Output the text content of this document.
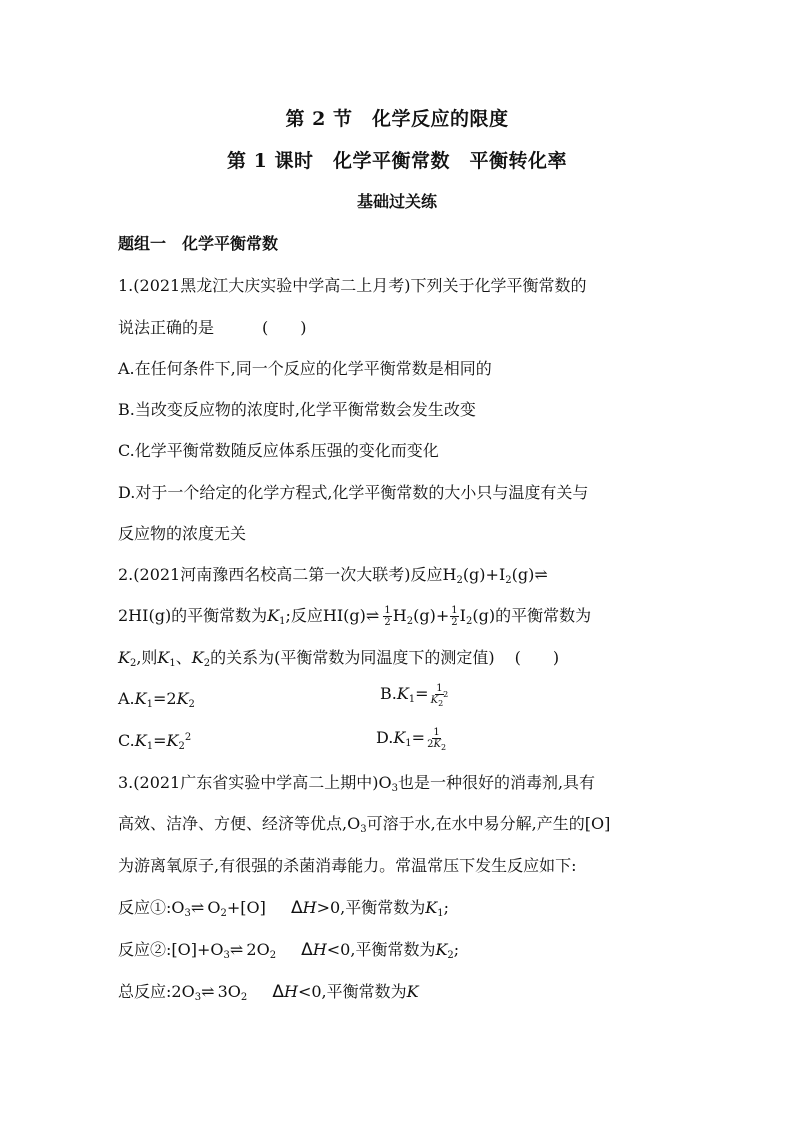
第 2 节　化学反应的限度
第 1 课时　化学平衡常数　平衡转化率
基础过关练
题组一　化学平衡常数
1.(2021黑龙江大庆实验中学高二上月考)下列关于化学平衡常数的
说法正确的是	(　　)
A.在任何条件下,同一个反应的化学平衡常数是相同的
B.当改变反应物的浓度时,化学平衡常数会发生改变
C.化学平衡常数随反应体系压强的变化而变化
D.对于一个给定的化学方程式,化学平衡常数的大小只与温度有关与
反应物的浓度无关
2.(2021河南豫西名校高二第一次大联考)反应$H_2(g)+I_2(g)\rightleftharpoons$
2HI(g)的平衡常数为$K_1$;反应HI(g)⇌ $\frac{1}{2} H_2(g)+ \frac{1}{2} I_2(g)$的平衡常数为
$K_2$,则$K_1$、$K_2$的关系为(平衡常数为同温度下的测定值) (　　)
$A.K_1=2K_2$
$B.K_1= \frac{1}{K_2^2}$
$C.K_1=K_2^2$	$D.K_1= \frac{1}{2K_2}$
3.(2021广东省实验中学高二上期中)$O_3$也是一种很好的消毒剂,具有
高效、洁净、方便、经济等优点$,O_3$可溶于水,在水中易分解,产生的[O]
为游离氧原子,有很强的杀菌消毒能力。常温常压下发生反应如下:
反应$①:O_3\rightleftharpoons$ $O_2+[O]$ ΔH>0,平衡常数为$K_1$;
反应$②:[O]+O_3\rightleftharpoons$ $2O_2$ ΔH<0,平衡常数为$K_2$;
总反应$:2O_3\rightleftharpoons$ $3O_2$ ΔH<0,平衡常数为K
